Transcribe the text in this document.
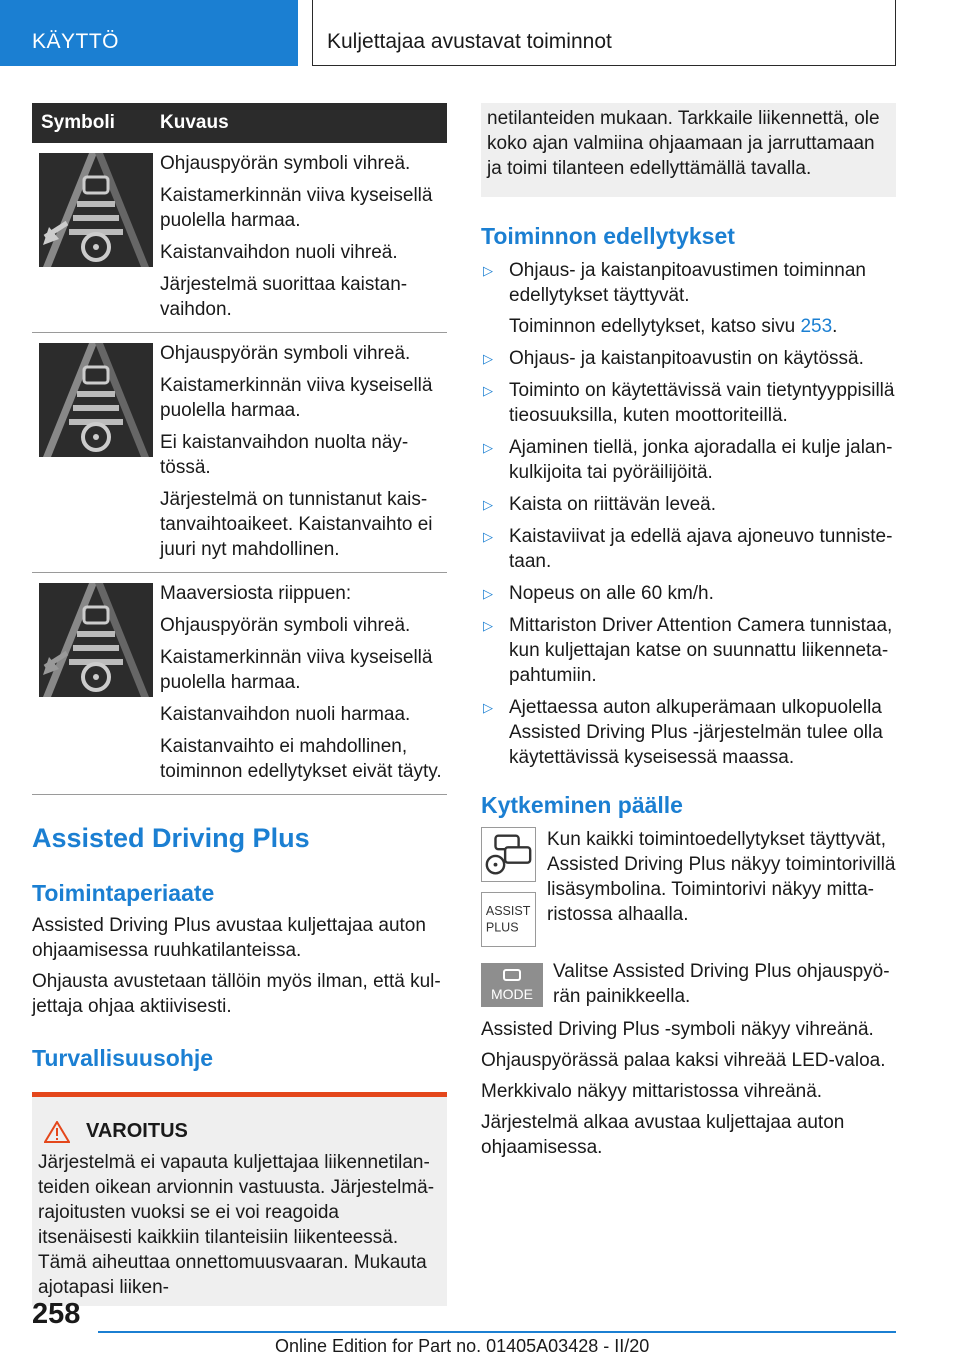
KÄYTTÖ	Kuljettajaa avustavat toiminnot
Symboli	Kuvaus

Ohjauspyörän symboli vihreä.

Kaistamerkinnän viiva kyseisellä puolella harmaa.

Kaistanvaihdon nuoli vihreä.

Järjestelmä suorittaa kaistanvaihdon.

Ohjauspyörän symboli vihreä.

Kaistamerkinnän viiva kyseisellä puolella harmaa.

Ei kaistanvaihdon nuolta näytössä.

Järjestelmä on tunnistanut kaistanvaihtoaikeet. Kaistanvaihto ei juuri nyt mahdollinen.

Maaversiosta riippuen:

Ohjauspyörän symboli vihreä.

Kaistamerkinnän viiva kyseisellä puolella harmaa.

Kaistanvaihdon nuoli harmaa.

Kaistanvaihto ei mahdollinen, toiminnon edellytykset eivät täyty.

Assisted Driving Plus
Toimintaperiaate

Assisted Driving Plus avustaa kuljettajaa auton ohjaamisessa ruuhkatilanteissa.

Ohjausta avustetaan tällöin myös ilman, että kuljettaja ohjaa aktiivisesti.

Turvallisuusohje
VAROITUS

Järjestelmä ei vapauta kuljettajaa liikennetilanteiden oikean arvionnin vastuusta. Järjestelmärajoitusten vuoksi se ei voi reagoida itsenäisesti kaikkiin tilanteisiin liikenteessä. Tämä aiheuttaa onnettomuusvaaran. Mukauta ajotapasi liiken-

netilanteiden mukaan. Tarkkaile liikennettä, ole koko ajan valmiina ohjaamaan ja jarruttamaan ja toimi tilanteen edellyttämällä tavalla.

Toiminnon edellytykset
▷ Ohjaus- ja kaistanpitoavustimen toiminnan edellytykset täyttyvät.
Toiminnon edellytykset, katso sivu 253.
▷ Ohjaus- ja kaistanpitoavustin on käytössä.
▷ Toiminto on käytettävissä vain tietyntyyppisillä tieosuuksilla, kuten moottoriteillä.
▷ Ajaminen tiellä, jonka ajoradalla ei kulje jalankulkijoita tai pyöräilijöitä.
▷ Kaista on riittävän leveä.
▷ Kaistaviivat ja edellä ajava ajoneuvo tunnistetaan.
▷ Nopeus on alle 60 km/h.
▷ Mittariston Driver Attention Camera tunnistaa, kun kuljettajan katse on suunnattu liikennetapahtumiin.
▷ Ajettaessa auton alkuperämaan ulkopuolella Assisted Driving Plus -järjestelmän tulee olla käytettävissä kyseisessä maassa.
Kytkeminen päälle
ASSIST
PLUS

Kun kaikki toimintoedellytykset täyttyvät, Assisted Driving Plus näkyy toimintorivillä lisäsymbolina. Toimintorivi näkyy mittaristossa alhaalla.

MODE

Valitse Assisted Driving Plus ohjauspyörän painikkeella.

Assisted Driving Plus -symboli näkyy vihreänä.

Ohjauspyörässä palaa kaksi vihreää LED-valoa.

Merkkivalo näkyy mittaristossa vihreänä.

Järjestelmä alkaa avustaa kuljettajaa auton ohjaamisessa.

258
Online Edition for Part no. 01405A03428 - II/20
